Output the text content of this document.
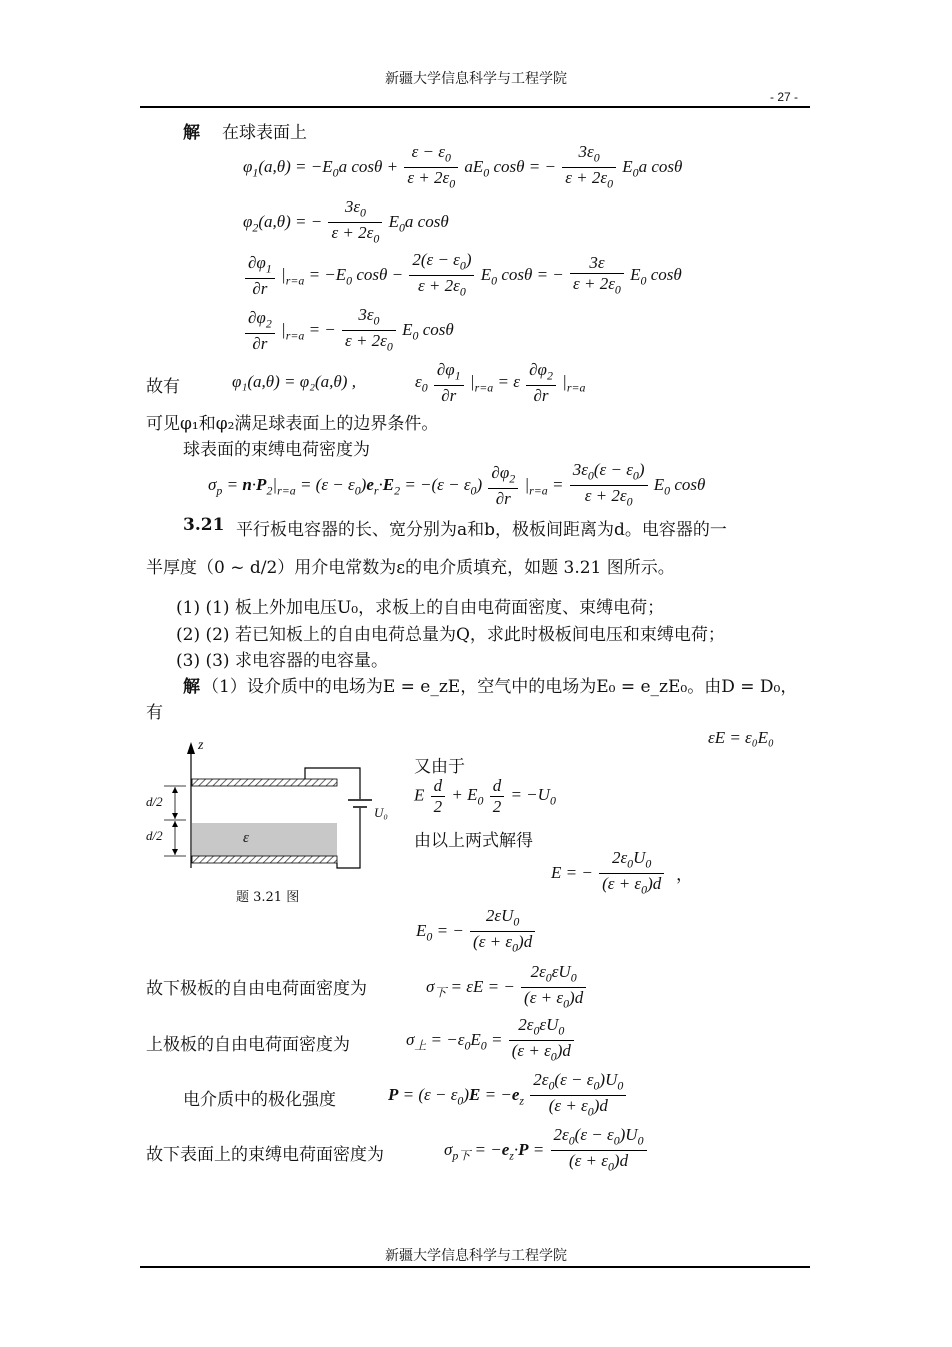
新疆大学信息科学与工程学院
- 27 -
解 在球表面上
$\varphi_1(a,\theta) = -E_0a$ $\cos\theta + \frac{\varepsilon - \varepsilon_0}{\varepsilon + 2\varepsilon_0} aE_0$ cosθ = − $\frac{3\varepsilon_0}{\varepsilon + 2\varepsilon_0} E_0a$ cosθ
$\varphi_2(a,\theta)$ = − $\frac{3\varepsilon_0}{\varepsilon + 2\varepsilon_0} E_0a$ cosθ
$\frac{\partial\varphi_1}{\partial r} |_{r=a} = -E_0$ $\cos\theta - \frac{2(\varepsilon - \varepsilon_0)}{\varepsilon + 2\varepsilon_0} E_0$ cosθ = − $\frac{3\varepsilon}{\varepsilon + 2\varepsilon_0} E_0$ cosθ
$\frac{\partial\varphi_2}{\partial r} |_{r=a}$ = − $\frac{3\varepsilon_0}{\varepsilon + 2\varepsilon_0} E_0$ cosθ
故有	φ₁(a,θ) = φ₂(a,θ) ,	$\varepsilon_0 \frac{\partial\varphi_1}{\partial r} |_{r=a} = \varepsilon \frac{\partial\varphi_2}{\partial r} |_{r=a}$
可见φ₁和φ₂满足球表面上的边界条件。
球表面的束缚电荷密度为
$\sigma_p = n\cdot P_2|_{r=a} = (\varepsilon - \varepsilon_0)e_r\cdot E_2 = -(\varepsilon - \varepsilon_0) \frac{\partial\varphi_2}{\partial r} |_{r=a} = \frac{3\varepsilon_0(\varepsilon - \varepsilon_0)}{\varepsilon + 2\varepsilon_0} E_0$ cosθ
3.21 平行板电容器的长、宽分别为a和b，极板间距离为d。电容器的一
半厚度（0 ~ d/2）用介电常数为ε的电介质填充，如题 3.21 图所示。
(1) (1) 板上外加电压U₀，求板上的自由电荷面密度、束缚电荷；
(2) (2) 若已知板上的自由电荷总量为Q，求此时极板间电压和束缚电荷；
(3) (3) 求电容器的电容量。
解 （1）设介质中的电场为E = e_zE，空气中的电场为E₀ = e_zE₀。由D = D₀，
有
εE = ε₀E₀
z
d/2
d/2	ε
U₀
题 3.21 图
又由于
E $\frac{d}{2} + E_0 \frac{d}{2} = -U_0$
由以上两式解得
E = − $\frac{2\varepsilon_0U_0}{(\varepsilon + \varepsilon_0)d}$ ，
$E_0$ = − $\frac{2\varepsilon U_0}{(\varepsilon + \varepsilon_0)d}$
故下极板的自由电荷面密度为	$\sigma_下 = \varepsilon E$ = − $\frac{2\varepsilon_0\varepsilon U_0}{(\varepsilon + \varepsilon_0)d}$
上极板的自由电荷面密度为	$\sigma_上 = -\varepsilon_0E_0 = \frac{2\varepsilon_0\varepsilon U_0}{(\varepsilon + \varepsilon_0)d}$
电介质中的极化强度	$P = (\varepsilon - \varepsilon_0)E = -e_z \frac{2\varepsilon_0(\varepsilon - \varepsilon_0)U_0}{(\varepsilon + \varepsilon_0)d}$
故下表面上的束缚电荷面密度为	$\sigma_{p下} = -e_z\cdot P = \frac{2\varepsilon_0(\varepsilon - \varepsilon_0)U_0}{(\varepsilon + \varepsilon_0)d}$
新疆大学信息科学与工程学院
